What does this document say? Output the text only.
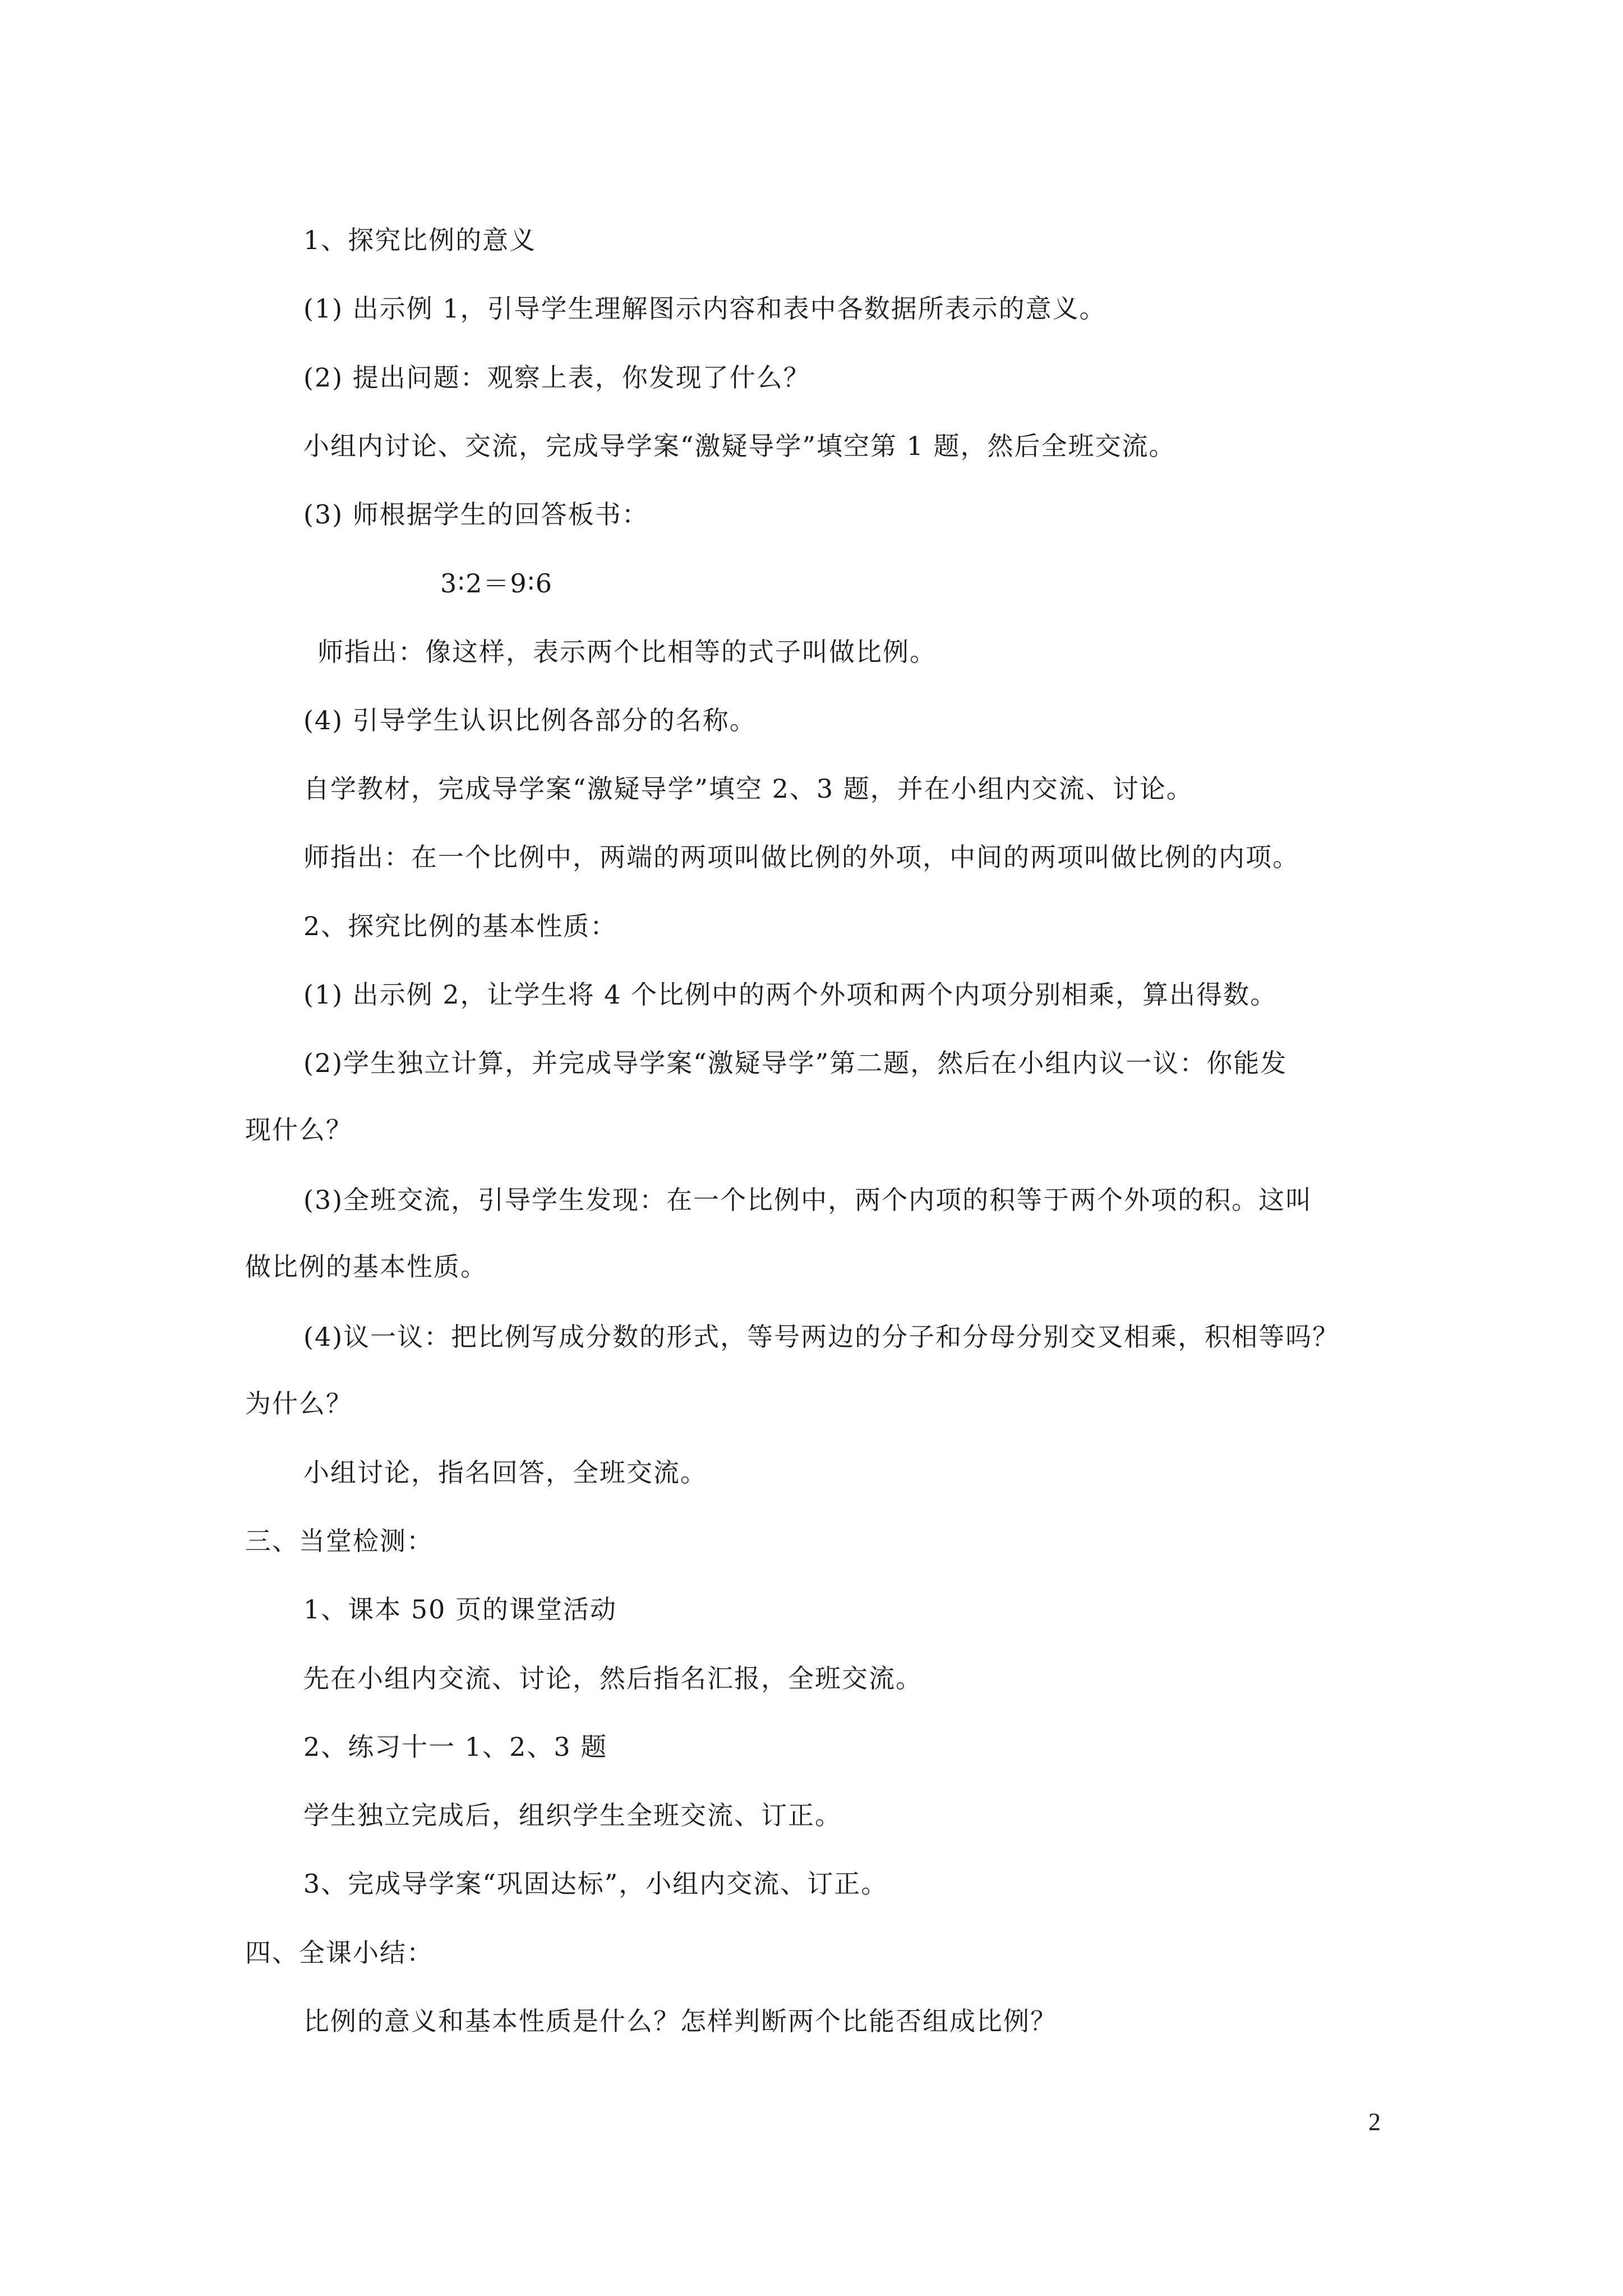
1、探究比例的意义
(1) 出示例 1，引导学生理解图示内容和表中各数据所表示的意义。
(2) 提出问题：观察上表，你发现了什么？
小组内讨论、交流，完成导学案“激疑导学”填空第 1 题，然后全班交流。
(3) 师根据学生的回答板书：
3∶2＝9∶6
师指出：像这样，表示两个比相等的式子叫做比例。
(4) 引导学生认识比例各部分的名称。
自学教材，完成导学案“激疑导学”填空 2、3 题，并在小组内交流、讨论。
师指出：在一个比例中，两端的两项叫做比例的外项，中间的两项叫做比例的内项。
2、探究比例的基本性质：
(1) 出示例 2，让学生将 4 个比例中的两个外项和两个内项分别相乘，算出得数。
(2)学生独立计算，并完成导学案“激疑导学”第二题，然后在小组内议一议：你能发
现什么？
(3)全班交流，引导学生发现：在一个比例中，两个内项的积等于两个外项的积。这叫
做比例的基本性质。
(4)议一议：把比例写成分数的形式，等号两边的分子和分母分别交叉相乘，积相等吗？
为什么？
小组讨论，指名回答，全班交流。
三、当堂检测：
1、课本 50 页的课堂活动
先在小组内交流、讨论，然后指名汇报，全班交流。
2、练习十一 1、2、3 题
学生独立完成后，组织学生全班交流、订正。
3、完成导学案“巩固达标”，小组内交流、订正。
四、全课小结：
比例的意义和基本性质是什么？怎样判断两个比能否组成比例？
2
